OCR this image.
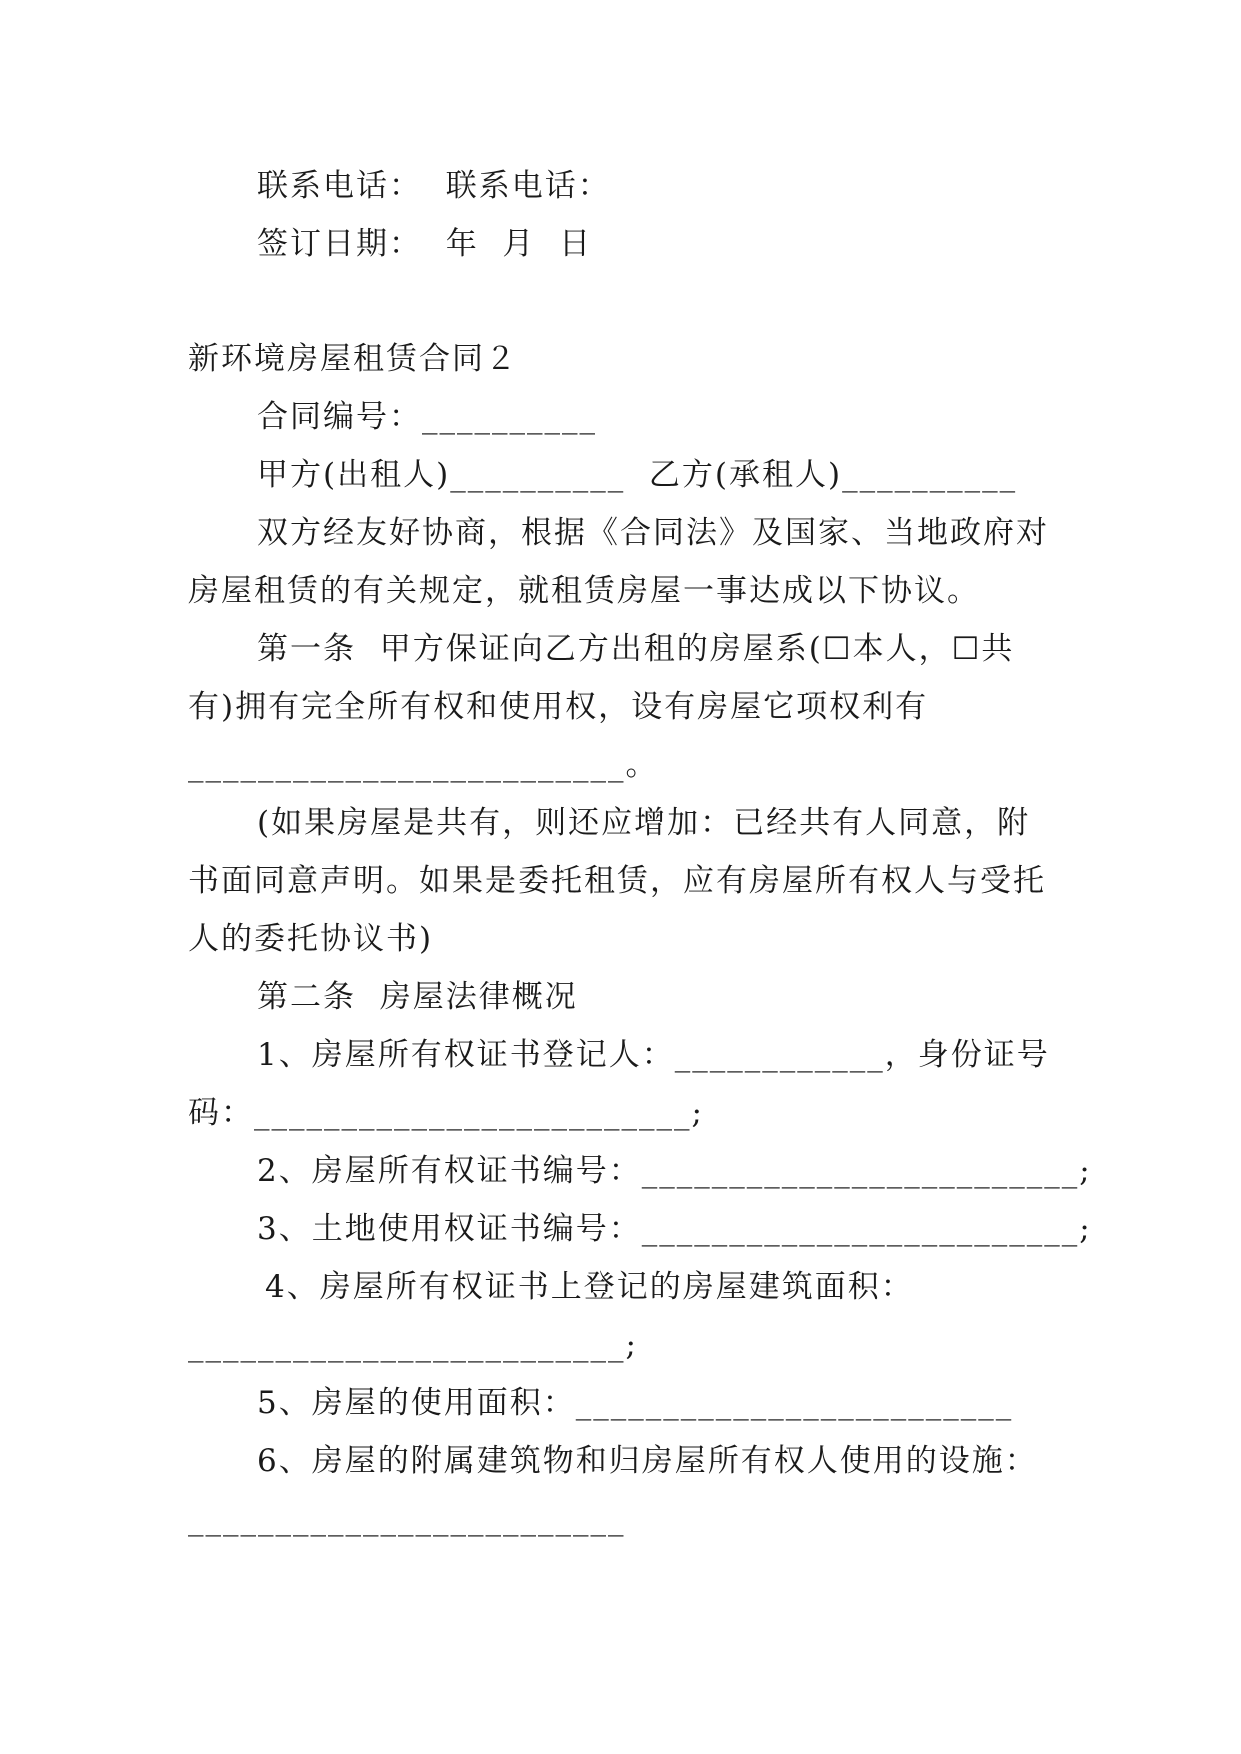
联系电话：  联系电话：
签订日期：  年  月  日
新环境房屋租赁合同２
合同编号：__________
甲方(出租人)__________  乙方(承租人)__________
双方经友好协商，根据《合同法》及国家、当地政府对
房屋租赁的有关规定，就租赁房屋一事达成以下协议。
第一条  甲方保证向乙方出租的房屋系(☐本人，☐共
有)拥有完全所有权和使用权，设有房屋它项权利有
_________________________。
(如果房屋是共有，则还应增加：已经共有人同意，附
书面同意声明。如果是委托租赁，应有房屋所有权人与受托
人的委托协议书)
第二条  房屋法律概况
1、房屋所有权证书登记人：____________，身份证号
码：_________________________;
2、房屋所有权证书编号：_________________________;
3、土地使用权证书编号：_________________________;
4、房屋所有权证书上登记的房屋建筑面积：
_________________________;
5、房屋的使用面积：_________________________
6、房屋的附属建筑物和归房屋所有权人使用的设施：
_________________________
